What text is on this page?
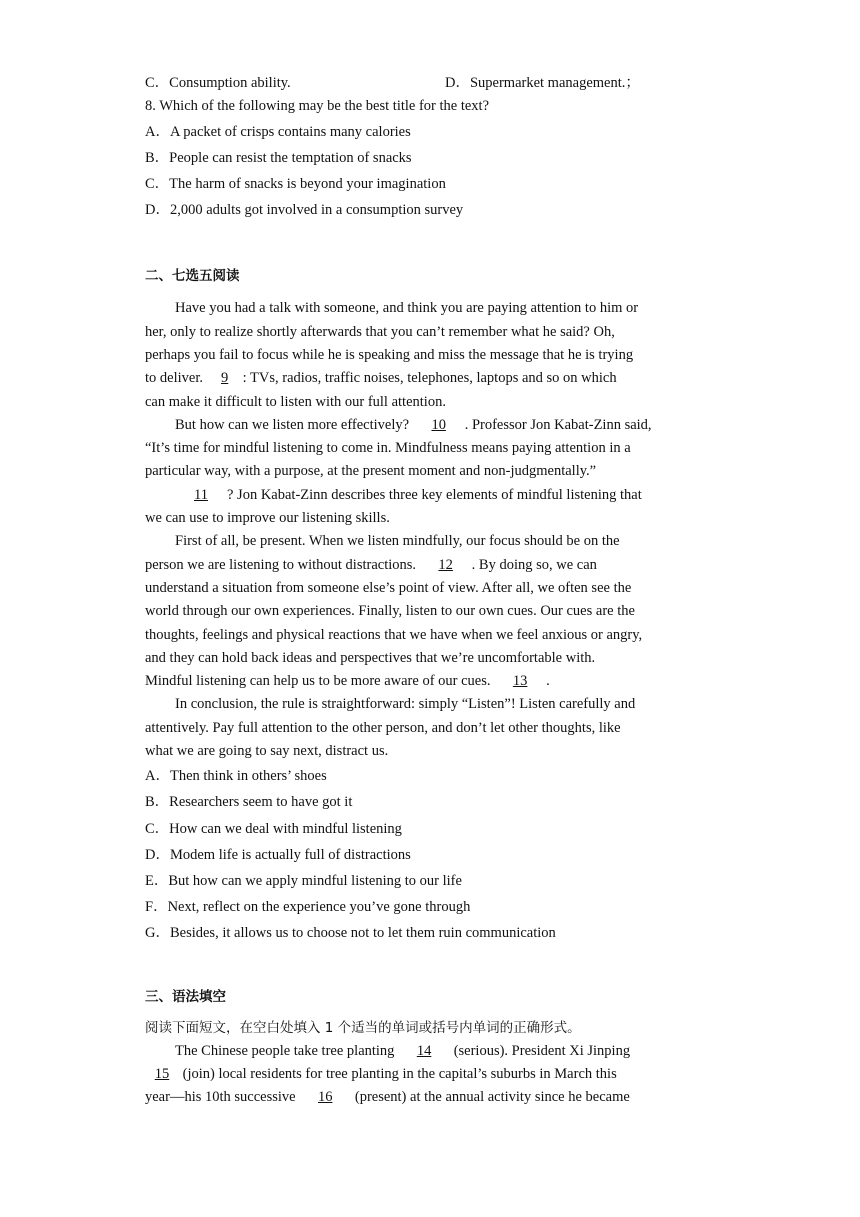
C．Consumption ability.	D．Supermarket management.；
8. Which of the following may be the best title for the text?
A．A packet of crisps contains many calories
B．People can resist the temptation of snacks
C．The harm of snacks is beyond your imagination
D．2,000 adults got involved in a consumption survey
二、七选五阅读
Have you had a talk with someone, and think you are paying attention to him or
her, only to realize shortly afterwards that you can’t remember what he said? Oh,
perhaps you fail to focus while he is speaking and miss the message that he is trying
to deliver. 9 : TVs, radios, traffic noises, telephones, laptops and so on which
can make it difficult to listen with our full attention.
But how can we listen more effectively? 10 . Professor Jon Kabat-Zinn said,
“It’s time for mindful listening to come in. Mindfulness means paying attention in a
particular way, with a purpose, at the present moment and non-judgmentally.”
11 ? Jon Kabat-Zinn describes three key elements of mindful listening that
we can use to improve our listening skills.
First of all, be present. When we listen mindfully, our focus should be on the
person we are listening to without distractions. 12 . By doing so, we can
understand a situation from someone else’s point of view. After all, we often see the
world through our own experiences. Finally, listen to our own cues. Our cues are the
thoughts, feelings and physical reactions that we have when we feel anxious or angry,
and they can hold back ideas and perspectives that we’re uncomfortable with.
Mindful listening can help us to be more aware of our cues. 13 .
In conclusion, the rule is straightforward: simply “Listen”! Listen carefully and
attentively. Pay full attention to the other person, and don’t let other thoughts, like
what we are going to say next, distract us.
A．Then think in others’ shoes
B．Researchers seem to have got it
C．How can we deal with mindful listening
D．Modem life is actually full of distractions
E．But how can we apply mindful listening to our life
F．Next, reflect on the experience you’ve gone through
G．Besides, it allows us to choose not to let them ruin communication
三、语法填空
阅读下面短文，在空白处填入 1 个适当的单词或括号内单词的正确形式。
The Chinese people take tree planting 14 (serious). President Xi Jinping
15 (join) local residents for tree planting in the capital’s suburbs in March this
year—his 10th successive 16 (present) at the annual activity since he became
